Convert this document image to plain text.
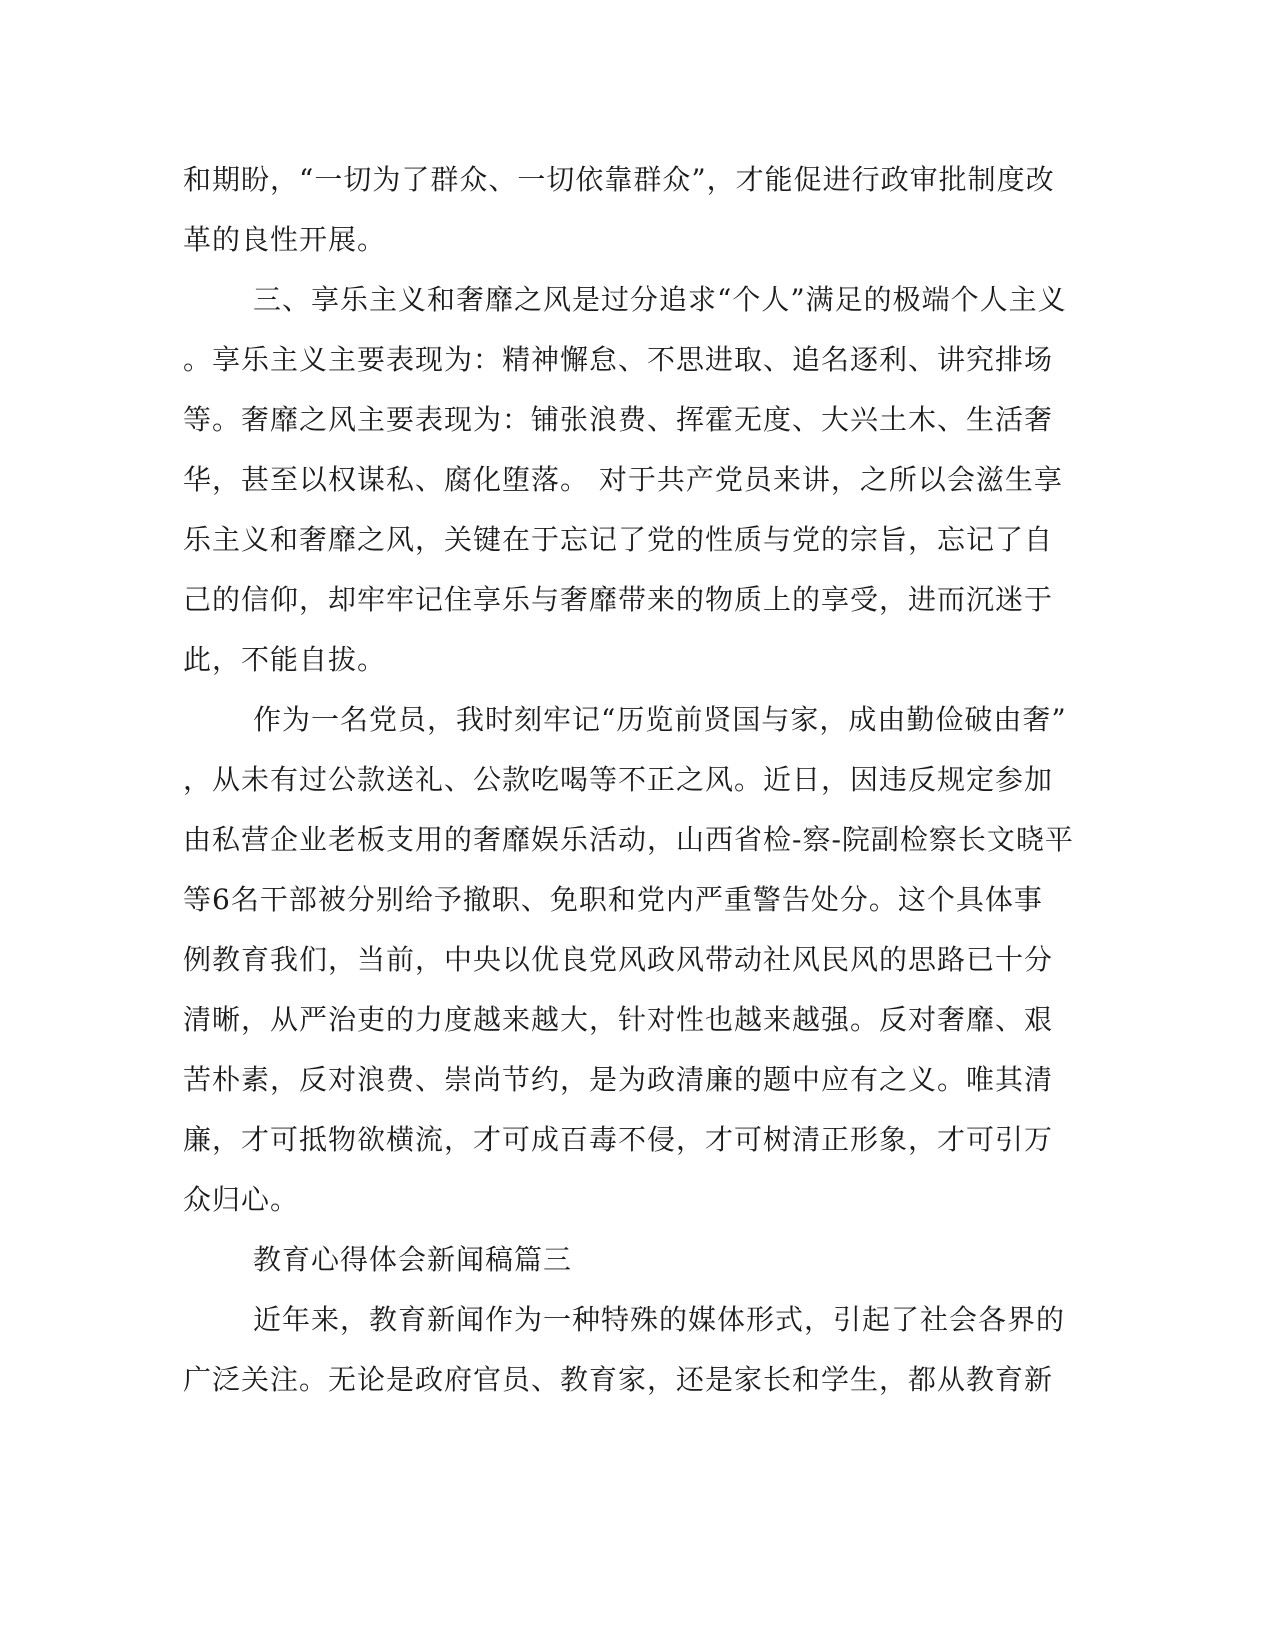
和期盼，“一切为了群众、一切依靠群众”，才能促进行政审批制度改
革的良性开展。
三、享乐主义和奢靡之风是过分追求“个人”满足的极端个人主义
。享乐主义主要表现为：精神懈怠、不思进取、追名逐利、讲究排场
等。奢靡之风主要表现为：铺张浪费、挥霍无度、大兴土木、生活奢
华，甚至以权谋私、腐化堕落。 对于共产党员来讲，之所以会滋生享
乐主义和奢靡之风，关键在于忘记了党的性质与党的宗旨，忘记了自
己的信仰，却牢牢记住享乐与奢靡带来的物质上的享受，进而沉迷于
此，不能自拔。
作为一名党员，我时刻牢记“历览前贤国与家，成由勤俭破由奢”
，从未有过公款送礼、公款吃喝等不正之风。近日，因违反规定参加
由私营企业老板支用的奢靡娱乐活动，山西省检-察-院副检察长文晓平
等6名干部被分别给予撤职、免职和党内严重警告处分。这个具体事
例教育我们，当前，中央以优良党风政风带动社风民风的思路已十分
清晰，从严治吏的力度越来越大，针对性也越来越强。反对奢靡、艰
苦朴素，反对浪费、崇尚节约，是为政清廉的题中应有之义。唯其清
廉，才可抵物欲横流，才可成百毒不侵，才可树清正形象，才可引万
众归心。
教育心得体会新闻稿篇三
近年来，教育新闻作为一种特殊的媒体形式，引起了社会各界的
广泛关注。无论是政府官员、教育家，还是家长和学生，都从教育新
